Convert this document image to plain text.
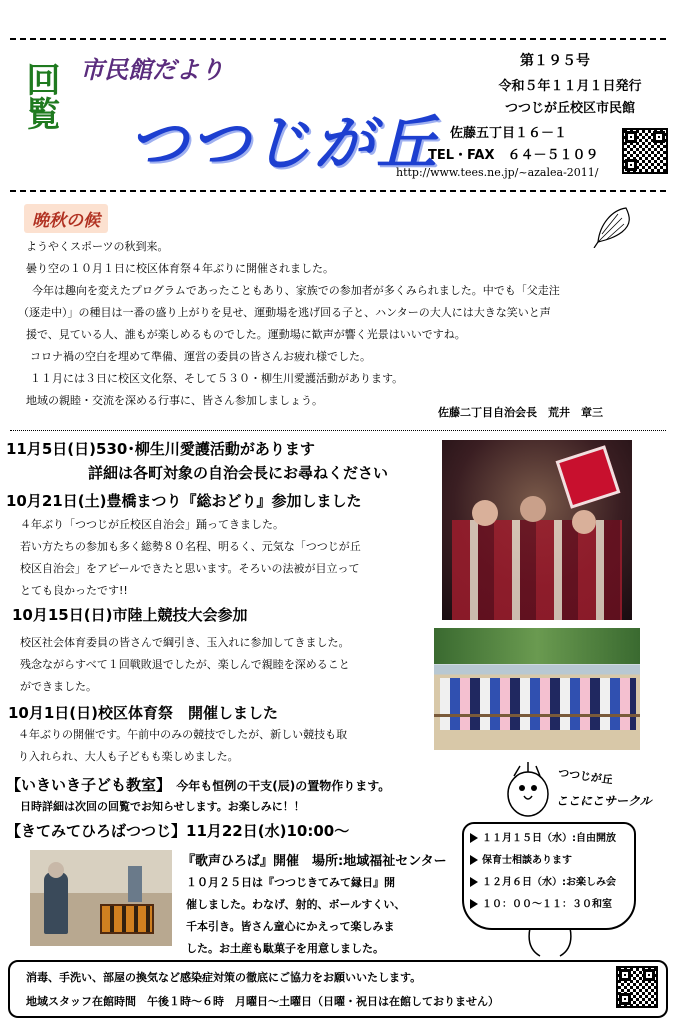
回覧 市民館だより
つつじが丘
第１９５号
令和５年１１月１日発行
つつじが丘校区市民館
佐藤五丁目１６－１
TEL・FAX　６４－５１０９
http://www.tees.ne.jp/~azalea-2011/
晩秋の候
ようやくスポーツの秋到来。
曇り空の１０月１日に校区体育祭４年ぶりに開催されました。
今年は趣向を変えたプログラムであったこともあり、家族での参加者が多くみられました。中でも「父走注
（逐走中）」の種目は一番の盛り上がりを見せ、運動場を逃げ回る子と、ハンターの大人には大きな笑いと声
援で、見ている人、誰もが楽しめるものでした。運動場に歓声が響く光景はいいですね。
コロナ禍の空白を埋めて準備、運営の委員の皆さんお疲れ様でした。
１１月には３日に校区文化祭、そして５３０・柳生川愛護活動があります。
地域の親睦・交流を深める行事に、皆さん参加しましょう。
佐藤二丁目自治会長　荒井　章三
11月5日(日)530･柳生川愛護活動があります
詳細は各町対象の自治会長にお尋ねください
10月21日(土)豊橋まつり『総おどり』参加しました
４年ぶり「つつじが丘校区自治会」踊ってきました。
若い方たちの参加も多く総勢８０名程、明るく、元気な「つつじが丘
校区自治会」をアピールできたと思います。そろいの法被が目立って
とても良かったです!!
10月15日(日)市陸上競技大会参加
校区社会体育委員の皆さんで綱引き、玉入れに参加してきました。
残念ながらすべて１回戦敗退でしたが、楽しんで親睦を深めること
ができました。
10月1日(日)校区体育祭　開催しました
４年ぶりの開催です。午前中のみの競技でしたが、新しい競技も取
り入れられ、大人も子どもも楽しめました。
【いきいき子ども教室】 今年も恒例の干支(辰)の置物作ります。
日時詳細は次回の回覧でお知らせします。お楽しみに！！
【きてみてひろばつつじ】11月22日(水)10:00～
『歌声ひろば』開催　場所:地域福祉センター
１０月２５日は『つつじきてみて縁日』開
催しました。わなげ、射的、ボールすくい、
千本引き。皆さん童心にかえって楽しみま
した。お土産も駄菓子を用意しました。
つつじが丘
ここにこサークル
１１月１５日（水）:自由開放
保育士相談あります
１２月６日（水）:お楽しみ会
１０：００～１１：３０和室
消毒、手洗い、部屋の換気など感染症対策の徹底にご協力をお願いいたします。
地域スタッフ在館時間　午後１時～６時　月曜日～土曜日（日曜・祝日は在館しておりません）
